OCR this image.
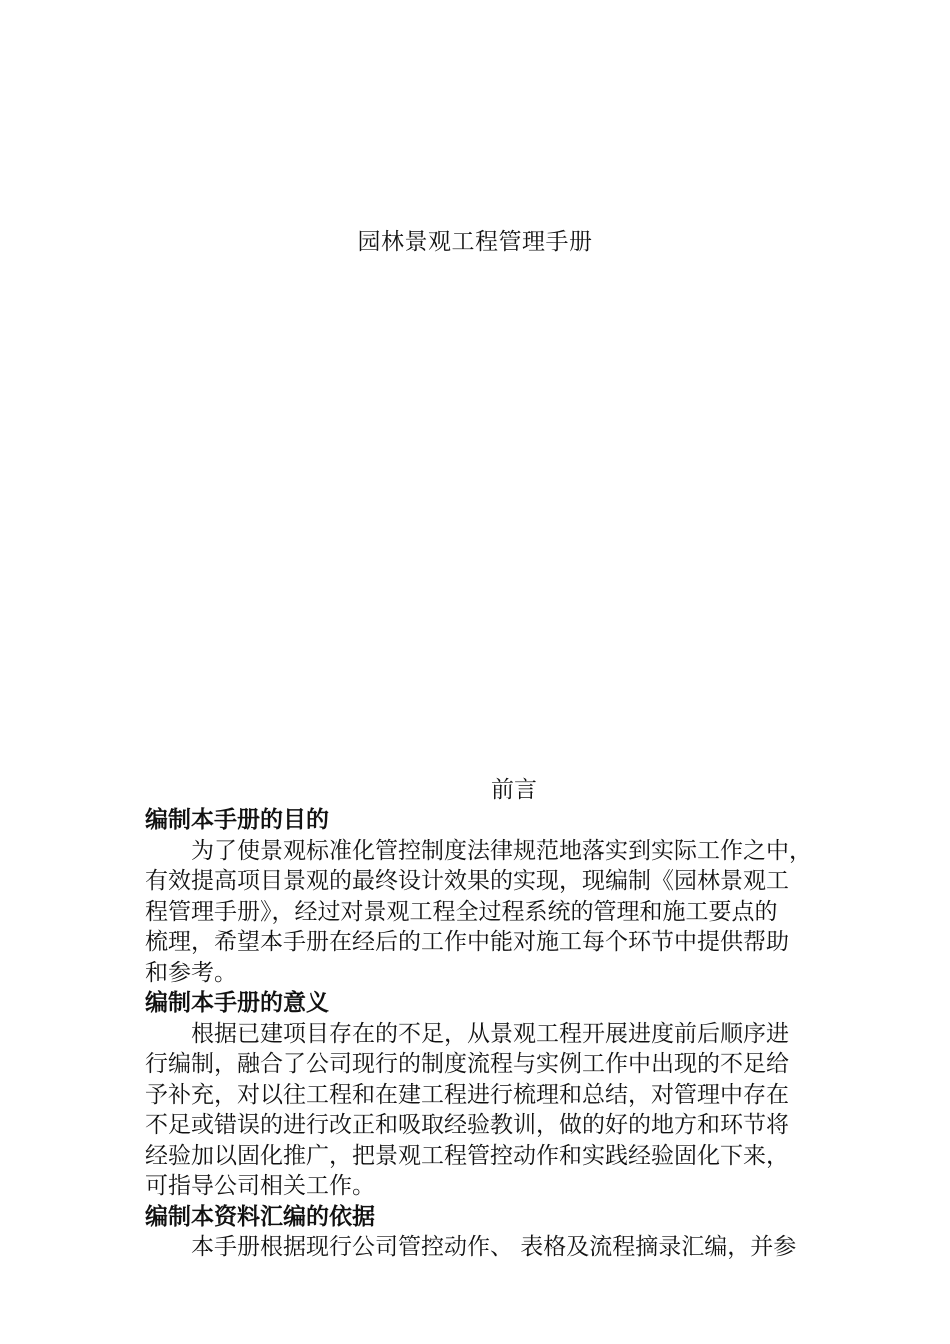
园林景观工程管理手册
前言
编制本手册的目的
为了使景观标准化管控制度法律规范地落实到实际工作之中，
有效提高项目景观的最终设计效果的实现，现编制《园林景观工
程管理手册》，经过对景观工程全过程系统的管理和施工要点的
梳理，希望本手册在经后的工作中能对施工每个环节中提供帮助
和参考。
编制本手册的意义
根据已建项目存在的不足，从景观工程开展进度前后顺序进
行编制，融合了公司现行的制度流程与实例工作中出现的不足给
予补充，对以往工程和在建工程进行梳理和总结，对管理中存在
不足或错误的进行改正和吸取经验教训，做的好的地方和环节将
经验加以固化推广，把景观工程管控动作和实践经验固化下来，
可指导公司相关工作。
编制本资料汇编的依据
本手册根据现行公司管控动作、 表格及流程摘录汇编，并参
